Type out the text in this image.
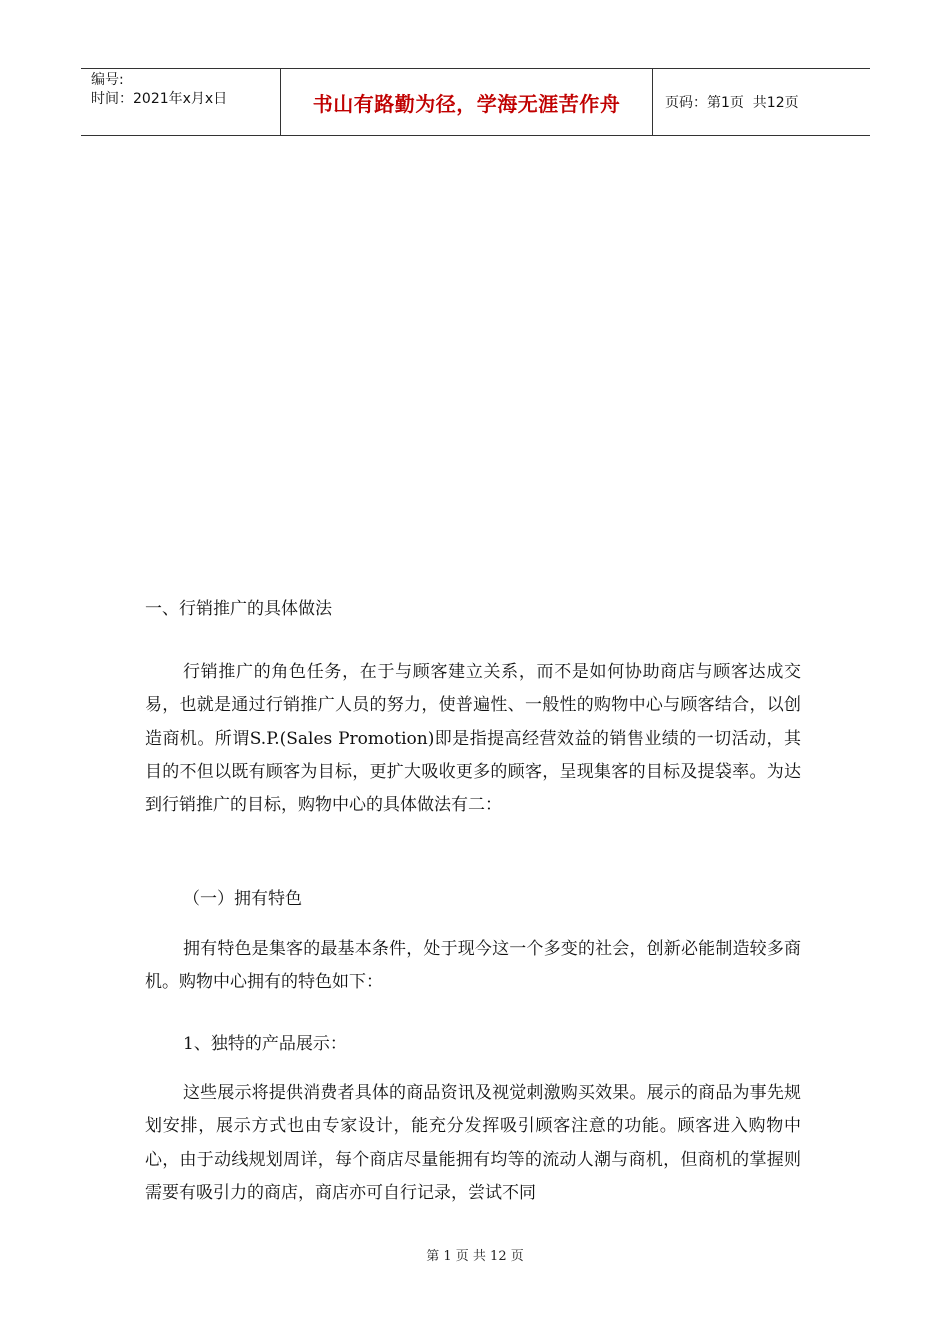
编号:
时间：2021年x月x日	书山有路勤为径，学海无涯苦作舟	页码：第1页  共12页
一、行销推广的具体做法
行销推广的角色任务，在于与顾客建立关系，而不是如何协助商店与顾客达成交易，也就是通过行销推广人员的努力，使普遍性、一般性的购物中心与顾客结合，以创造商机。所谓S.P.(Sales Promotion)即是指提高经营效益的销售业绩的一切活动，其目的不但以既有顾客为目标，更扩大吸收更多的顾客，呈现集客的目标及提袋率。为达到行销推广的目标，购物中心的具体做法有二：
（一）拥有特色
拥有特色是集客的最基本条件，处于现今这一个多变的社会，创新必能制造较多商机。购物中心拥有的特色如下：
1、独特的产品展示：
这些展示将提供消费者具体的商品资讯及视觉刺激购买效果。展示的商品为事先规划安排，展示方式也由专家设计，能充分发挥吸引顾客注意的功能。顾客进入购物中心，由于动线规划周详，每个商店尽量能拥有均等的流动人潮与商机，但商机的掌握则需要有吸引力的商店，商店亦可自行记录，尝试不同
第 1 页 共 12 页
